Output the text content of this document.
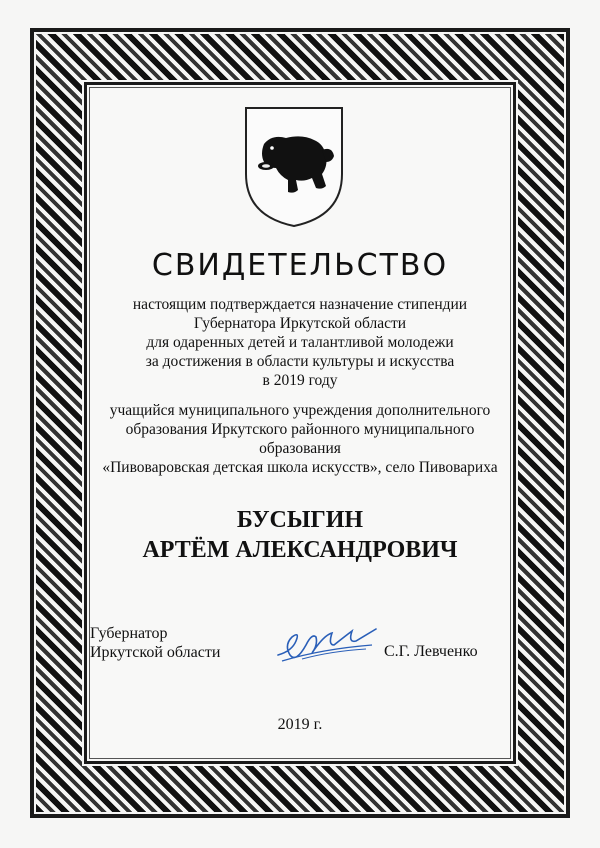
СВИДЕТЕЛЬСТВО
настоящим подтверждается назначение стипендии
Губернатора Иркутской области
для одаренных детей и талантливой молодежи
за достижения в области культуры и искусства
в 2019 году
учащийся муниципального учреждения дополнительного
образования Иркутского районного муниципального
образования
«Пивоваровская детская школа искусств», село Пивовариха
БУСЫГИН
АРТЁМ АЛЕКСАНДРОВИЧ
Губернатор
Иркутской области	С.Г. Левченко
2019 г.
